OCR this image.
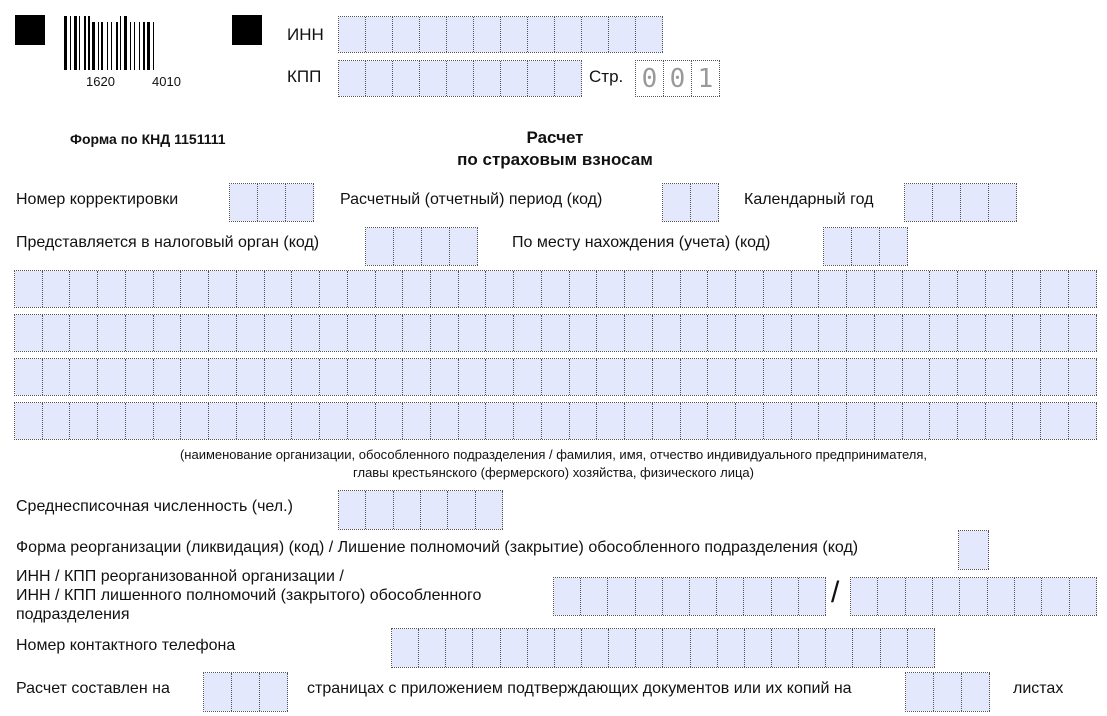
1620	4010
ИНН
КПП	Стр. 0 0 1
Форма по КНД 1151111	Расчет
по страховым взносам
Номер корректировки	Расчетный (отчетный) период (код)	Календарный год
Представляется в налоговый орган (код)	По месту нахождения (учета) (код)
(наименование организации, обособленного подразделения / фамилия, имя, отчество индивидуального предпринимателя,
главы крестьянского (фермерского) хозяйства, физического лица)
Среднесписочная численность (чел.)
Форма реорганизации (ликвидация) (код) / Лишение полномочий (закрытие) обособленного подразделения (код)
ИНН / КПП реорганизованной организации /
ИНН / КПП лишенного полномочий (закрытого) обособленного
подразделения
/
Номер контактного телефона
Расчет составлен на	страницах с приложением подтверждающих документов или их копий на	листах
